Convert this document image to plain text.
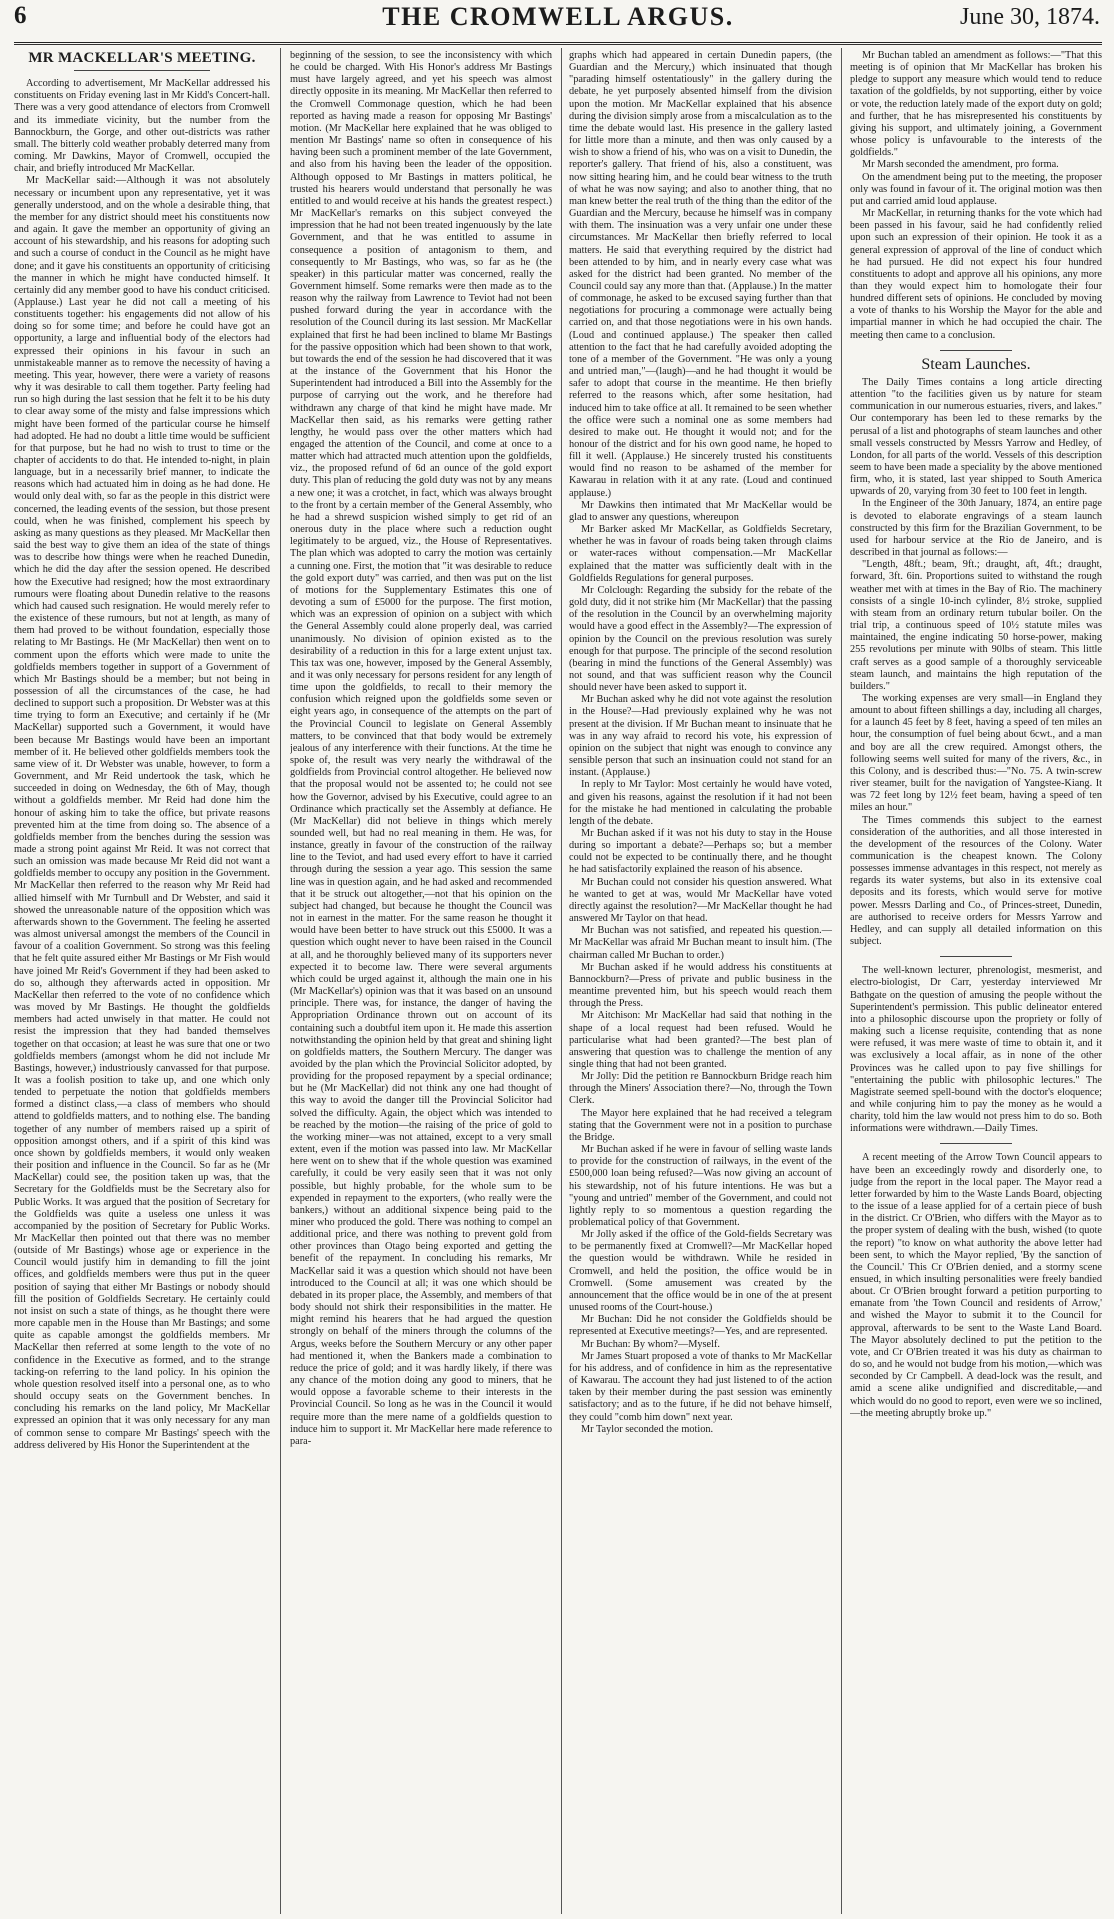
6	THE CROMWELL ARGUS.	June 30, 1874.
MR MACKELLAR'S MEETING.

According to advertisement, Mr MacKellar addressed his constituents on Friday evening last in Mr Kidd's Concert-hall. There was a very good attendance of electors from Cromwell and its immediate vicinity, but the number from the Bannockburn, the Gorge, and other out-districts was rather small. The bitterly cold weather probably deterred many from coming. Mr Dawkins, Mayor of Cromwell, occupied the chair, and briefly introduced Mr MacKellar.

Mr MacKellar said:—Although it was not absolutely necessary or incumbent upon any representative, yet it was generally understood, and on the whole a desirable thing, that the member for any district should meet his constituents now and again. It gave the member an opportunity of giving an account of his stewardship, and his reasons for adopting such and such a course of conduct in the Council as he might have done; and it gave his constituents an opportunity of criticising the manner in which he might have conducted himself. It certainly did any member good to have his conduct criticised. (Applause.) Last year he did not call a meeting of his constituents together: his engagements did not allow of his doing so for some time; and before he could have got an opportunity, a large and influential body of the electors had expressed their opinions in his favour in such an unmistakeable manner as to remove the necessity of having a meeting. This year, however, there were a variety of reasons why it was desirable to call them together. Party feeling had run so high during the last session that he felt it to be his duty to clear away some of the misty and false impressions which might have been formed of the particular course he himself had adopted. He had no doubt a little time would be sufficient for that purpose, but he had no wish to trust to time or the chapter of accidents to do that. He intended to-night, in plain language, but in a necessarily brief manner, to indicate the reasons which had actuated him in doing as he had done. He would only deal with, so far as the people in this district were concerned, the leading events of the session, but those present could, when he was finished, complement his speech by asking as many questions as they pleased. Mr MacKellar then said the best way to give them an idea of the state of things was to describe how things were when he reached Dunedin, which he did the day after the session opened. He described how the Executive had resigned; how the most extraordinary rumours were floating about Dunedin relative to the reasons which had caused such resignation. He would merely refer to the existence of these rumours, but not at length, as many of them had proved to be without foundation, especially those relating to Mr Bastings. He (Mr MacKellar) then went on to comment upon the efforts which were made to unite the goldfields members together in support of a Government of which Mr Bastings should be a member; but not being in possession of all the circumstances of the case, he had declined to support such a proposition. Dr Webster was at this time trying to form an Executive; and certainly if he (Mr MacKellar) supported such a Government, it would have been because Mr Bastings would have been an important member of it. He believed other goldfields members took the same view of it. Dr Webster was unable, however, to form a Government, and Mr Reid undertook the task, which he succeeded in doing on Wednesday, the 6th of May, though without a goldfields member. Mr Reid had done him the honour of asking him to take the office, but private reasons prevented him at the time from doing so. The absence of a goldfields member from the benches during the session was made a strong point against Mr Reid. It was not correct that such an omission was made because Mr Reid did not want a goldfields member to occupy any position in the Government. Mr MacKellar then referred to the reason why Mr Reid had allied himself with Mr Turnbull and Dr Webster, and said it showed the unreasonable nature of the opposition which was afterwards shown to the Government. The feeling he asserted was almost universal amongst the members of the Council in favour of a coalition Government. So strong was this feeling that he felt quite assured either Mr Bastings or Mr Fish would have joined Mr Reid's Government if they had been asked to do so, although they afterwards acted in opposition. Mr MacKellar then referred to the vote of no confidence which was moved by Mr Bastings. He thought the goldfields members had acted unwisely in that matter. He could not resist the impression that they had banded themselves together on that occasion; at least he was sure that one or two goldfields members (amongst whom he did not include Mr Bastings, however,) industriously canvassed for that purpose. It was a foolish position to take up, and one which only tended to perpetuate the notion that goldfields members formed a distinct class,—a class of members who should attend to goldfields matters, and to nothing else. The banding together of any number of members raised up a spirit of opposition amongst others, and if a spirit of this kind was once shown by goldfields members, it would only weaken their position and influence in the Council. So far as he (Mr MacKellar) could see, the position taken up was, that the Secretary for the Goldfields must be the Secretary also for Public Works. It was argued that the position of Secretary for the Goldfields was quite a useless one unless it was accompanied by the position of Secretary for Public Works. Mr MacKellar then pointed out that there was no member (outside of Mr Bastings) whose age or experience in the Council would justify him in demanding to fill the joint offices, and goldfields members were thus put in the queer position of saying that either Mr Bastings or nobody should fill the position of Goldfields Secretary. He certainly could not insist on such a state of things, as he thought there were more capable men in the House than Mr Bastings; and some quite as capable amongst the goldfields members. Mr MacKellar then referred at some length to the vote of no confidence in the Executive as formed, and to the strange tacking-on referring to the land policy. In his opinion the whole question resolved itself into a personal one, as to who should occupy seats on the Government benches. In concluding his remarks on the land policy, Mr MacKellar expressed an opinion that it was only necessary for any man of common sense to compare Mr Bastings' speech with the address delivered by His Honor the Superintendent at the

beginning of the session, to see the inconsistency with which he could be charged. With His Honor's address Mr Bastings must have largely agreed, and yet his speech was almost directly opposite in its meaning. Mr MacKellar then referred to the Cromwell Commonage question, which he had been reported as having made a reason for opposing Mr Bastings' motion. (Mr MacKellar here explained that he was obliged to mention Mr Bastings' name so often in consequence of his having been such a prominent member of the late Government, and also from his having been the leader of the opposition. Although opposed to Mr Bastings in matters political, he trusted his hearers would understand that personally he was entitled to and would receive at his hands the greatest respect.) Mr MacKellar's remarks on this subject conveyed the impression that he had not been treated ingenuously by the late Government, and that he was entitled to assume in consequence a position of antagonism to them, and consequently to Mr Bastings, who was, so far as he (the speaker) in this particular matter was concerned, really the Government himself. Some remarks were then made as to the reason why the railway from Lawrence to Teviot had not been pushed forward during the year in accordance with the resolution of the Council during its last session. Mr MacKellar explained that first he had been inclined to blame Mr Bastings for the passive opposition which had been shown to that work, but towards the end of the session he had discovered that it was at the instance of the Government that his Honor the Superintendent had introduced a Bill into the Assembly for the purpose of carrying out the work, and he therefore had withdrawn any charge of that kind he might have made. Mr MacKellar then said, as his remarks were getting rather lengthy, he would pass over the other matters which had engaged the attention of the Council, and come at once to a matter which had attracted much attention upon the goldfields, viz., the proposed refund of 6d an ounce of the gold export duty. This plan of reducing the gold duty was not by any means a new one; it was a crotchet, in fact, which was always brought to the front by a certain member of the General Assembly, who he had a shrewd suspicion wished simply to get rid of an onerous duty in the place where such a reduction ought legitimately to be argued, viz., the House of Representatives. The plan which was adopted to carry the motion was certainly a cunning one. First, the motion that "it was desirable to reduce the gold export duty" was carried, and then was put on the list of motions for the Supplementary Estimates this one of devoting a sum of £5000 for the purpose. The first motion, which was an expression of opinion on a subject with which the General Assembly could alone properly deal, was carried unanimously. No division of opinion existed as to the desirability of a reduction in this for a large extent unjust tax. This tax was one, however, imposed by the General Assembly, and it was only necessary for persons resident for any length of time upon the goldfields, to recall to their memory the confusion which reigned upon the goldfields some seven or eight years ago, in consequence of the attempts on the part of the Provincial Council to legislate on General Assembly matters, to be convinced that that body would be extremely jealous of any interference with their functions. At the time he spoke of, the result was very nearly the withdrawal of the goldfields from Provincial control altogether. He believed now that the proposal would not be assented to; he could not see how the Governor, advised by his Executive, could agree to an Ordinance which practically set the Assembly at defiance. He (Mr MacKellar) did not believe in things which merely sounded well, but had no real meaning in them. He was, for instance, greatly in favour of the construction of the railway line to the Teviot, and had used every effort to have it carried through during the session a year ago. This session the same line was in question again, and he had asked and recommended that it be struck out altogether,—not that his opinion on the subject had changed, but because he thought the Council was not in earnest in the matter. For the same reason he thought it would have been better to have struck out this £5000. It was a question which ought never to have been raised in the Council at all, and he thoroughly believed many of its supporters never expected it to become law. There were several arguments which could be urged against it, although the main one in his (Mr MacKellar's) opinion was that it was based on an unsound principle. There was, for instance, the danger of having the Appropriation Ordinance thrown out on account of its containing such a doubtful item upon it. He made this assertion notwithstanding the opinion held by that great and shining light on goldfields matters, the Southern Mercury. The danger was avoided by the plan which the Provincial Solicitor adopted, by providing for the proposed repayment by a special ordinance; but he (Mr MacKellar) did not think any one had thought of this way to avoid the danger till the Provincial Solicitor had solved the difficulty. Again, the object which was intended to be reached by the motion—the raising of the price of gold to the working miner—was not attained, except to a very small extent, even if the motion was passed into law. Mr MacKellar here went on to shew that if the whole question was examined carefully, it could be very easily seen that it was not only possible, but highly probable, for the whole sum to be expended in repayment to the exporters, (who really were the bankers,) without an additional sixpence being paid to the miner who produced the gold. There was nothing to compel an additional price, and there was nothing to prevent gold from other provinces than Otago being exported and getting the benefit of the repayment. In concluding his remarks, Mr MacKellar said it was a question which should not have been introduced to the Council at all; it was one which should be debated in its proper place, the Assembly, and members of that body should not shirk their responsibilities in the matter. He might remind his hearers that he had argued the question strongly on behalf of the miners through the columns of the Argus, weeks before the Southern Mercury or any other paper had mentioned it, when the Bankers made a combination to reduce the price of gold; and it was hardly likely, if there was any chance of the motion doing any good to miners, that he would oppose a favorable scheme to their interests in the Provincial Council. So long as he was in the Council it would require more than the mere name of a goldfields question to induce him to support it. Mr MacKellar here made reference to para-

graphs which had appeared in certain Dunedin papers, (the Guardian and the Mercury,) which insinuated that though "parading himself ostentatiously" in the gallery during the debate, he yet purposely absented himself from the division upon the motion. Mr MacKellar explained that his absence during the division simply arose from a miscalculation as to the time the debate would last. His presence in the gallery lasted for little more than a minute, and then was only caused by a wish to show a friend of his, who was on a visit to Dunedin, the reporter's gallery. That friend of his, also a constituent, was now sitting hearing him, and he could bear witness to the truth of what he was now saying; and also to another thing, that no man knew better the real truth of the thing than the editor of the Guardian and the Mercury, because he himself was in company with them. The insinuation was a very unfair one under these circumstances. Mr MacKellar then briefly referred to local matters. He said that everything required by the district had been attended to by him, and in nearly every case what was asked for the district had been granted. No member of the Council could say any more than that. (Applause.) In the matter of commonage, he asked to be excused saying further than that negotiations for procuring a commonage were actually being carried on, and that those negotiations were in his own hands. (Loud and continued applause.) The speaker then called attention to the fact that he had carefully avoided adopting the tone of a member of the Government. "He was only a young and untried man,"—(laugh)—and he had thought it would be safer to adopt that course in the meantime. He then briefly referred to the reasons which, after some hesitation, had induced him to take office at all. It remained to be seen whether the office were such a nominal one as some members had desired to make out. He thought it would not; and for the honour of the district and for his own good name, he hoped to fill it well. (Applause.) He sincerely trusted his constituents would find no reason to be ashamed of the member for Kawarau in relation with it at any rate. (Loud and continued applause.)

Mr Dawkins then intimated that Mr MacKellar would be glad to answer any questions, whereupon

Mr Barker asked Mr MacKellar, as Goldfields Secretary, whether he was in favour of roads being taken through claims or water-races without compensation.—Mr MacKellar explained that the matter was sufficiently dealt with in the Goldfields Regulations for general purposes.

Mr Colclough: Regarding the subsidy for the rebate of the gold duty, did it not strike him (Mr MacKellar) that the passing of the resolution in the Council by an overwhelming majority would have a good effect in the Assembly?—The expression of opinion by the Council on the previous resolution was surely enough for that purpose. The principle of the second resolution (bearing in mind the functions of the General Assembly) was not sound, and that was sufficient reason why the Council should never have been asked to support it.

Mr Buchan asked why he did not vote against the resolution in the House?—Had previously explained why he was not present at the division. If Mr Buchan meant to insinuate that he was in any way afraid to record his vote, his expression of opinion on the subject that night was enough to convince any sensible person that such an insinuation could not stand for an instant. (Applause.)

In reply to Mr Taylor: Most certainly he would have voted, and given his reasons, against the resolution if it had not been for the mistake he had mentioned in calculating the probable length of the debate.

Mr Buchan asked if it was not his duty to stay in the House during so important a debate?—Perhaps so; but a member could not be expected to be continually there, and he thought he had satisfactorily explained the reason of his absence.

Mr Buchan could not consider his question answered. What he wanted to get at was, would Mr MacKellar have voted directly against the resolution?—Mr MacKellar thought he had answered Mr Taylor on that head.

Mr Buchan was not satisfied, and repeated his question.—Mr MacKellar was afraid Mr Buchan meant to insult him. (The chairman called Mr Buchan to order.)

Mr Buchan asked if he would address his constituents at Bannockburn?—Press of private and public business in the meantime prevented him, but his speech would reach them through the Press.

Mr Aitchison: Mr MacKellar had said that nothing in the shape of a local request had been refused. Would he particularise what had been granted?—The best plan of answering that question was to challenge the mention of any single thing that had not been granted.

Mr Jolly: Did the petition re Bannockburn Bridge reach him through the Miners' Association there?—No, through the Town Clerk.

The Mayor here explained that he had received a telegram stating that the Government were not in a position to purchase the Bridge.

Mr Buchan asked if he were in favour of selling waste lands to provide for the construction of railways, in the event of the £500,000 loan being refused?—Was now giving an account of his stewardship, not of his future intentions. He was but a "young and untried" member of the Government, and could not lightly reply to so momentous a question regarding the problematical policy of that Government.

Mr Jolly asked if the office of the Gold-fields Secretary was to be permanently fixed at Cromwell?—Mr MacKellar hoped the question would be withdrawn. While he resided in Cromwell, and held the position, the office would be in Cromwell. (Some amusement was created by the announcement that the office would be in one of the at present unused rooms of the Court-house.)

Mr Buchan: Did he not consider the Goldfields should be represented at Executive meetings?—Yes, and are represented.

Mr Buchan: By whom?—Myself.

Mr James Stuart proposed a vote of thanks to Mr MacKellar for his address, and of confidence in him as the representative of Kawarau. The account they had just listened to of the action taken by their member during the past session was eminently satisfactory; and as to the future, if he did not behave himself, they could "comb him down" next year.

Mr Taylor seconded the motion.

Mr Buchan tabled an amendment as follows:—"That this meeting is of opinion that Mr MacKellar has broken his pledge to support any measure which would tend to reduce taxation of the goldfields, by not supporting, either by voice or vote, the reduction lately made of the export duty on gold; and further, that he has misrepresented his constituents by giving his support, and ultimately joining, a Government whose policy is unfavourable to the interests of the goldfields."

Mr Marsh seconded the amendment, pro forma.

On the amendment being put to the meeting, the proposer only was found in favour of it. The original motion was then put and carried amid loud applause.

Mr MacKellar, in returning thanks for the vote which had been passed in his favour, said he had confidently relied upon such an expression of their opinion. He took it as a general expression of approval of the line of conduct which he had pursued. He did not expect his four hundred constituents to adopt and approve all his opinions, any more than they would expect him to homologate their four hundred different sets of opinions. He concluded by moving a vote of thanks to his Worship the Mayor for the able and impartial manner in which he had occupied the chair. The meeting then came to a conclusion.

Steam Launches.

The Daily Times contains a long article directing attention "to the facilities given us by nature for steam communication in our numerous estuaries, rivers, and lakes." Our contemporary has been led to these remarks by the perusal of a list and photographs of steam launches and other small vessels constructed by Messrs Yarrow and Hedley, of London, for all parts of the world. Vessels of this description seem to have been made a speciality by the above mentioned firm, who, it is stated, last year shipped to South America upwards of 20, varying from 30 feet to 100 feet in length.

In the Engineer of the 30th January, 1874, an entire page is devoted to elaborate engravings of a steam launch constructed by this firm for the Brazilian Government, to be used for harbour service at the Rio de Janeiro, and is described in that journal as follows:—

"Length, 48ft.; beam, 9ft.; draught, aft, 4ft.; draught, forward, 3ft. 6in. Proportions suited to withstand the rough weather met with at times in the Bay of Rio. The machinery consists of a single 10-inch cylinder, 8½ stroke, supplied with steam from an ordinary return tubular boiler. On the trial trip, a continuous speed of 10½ statute miles was maintained, the engine indicating 50 horse-power, making 255 revolutions per minute with 90lbs of steam. This little craft serves as a good sample of a thoroughly serviceable steam launch, and maintains the high reputation of the builders."

The working expenses are very small—in England they amount to about fifteen shillings a day, including all charges, for a launch 45 feet by 8 feet, having a speed of ten miles an hour, the consumption of fuel being about 6cwt., and a man and boy are all the crew required. Amongst others, the following seems well suited for many of the rivers, &c., in this Colony, and is described thus:—"No. 75. A twin-screw river steamer, built for the navigation of Yangstee-Kiang. It was 72 feet long by 12½ feet beam, having a speed of ten miles an hour."

The Times commends this subject to the earnest consideration of the authorities, and all those interested in the development of the resources of the Colony. Water communication is the cheapest known. The Colony possesses immense advantages in this respect, not merely as regards its water systems, but also in its extensive coal deposits and its forests, which would serve for motive power. Messrs Darling and Co., of Princes-street, Dunedin, are authorised to receive orders for Messrs Yarrow and Hedley, and can supply all detailed information on this subject.

The well-known lecturer, phrenologist, mesmerist, and electro-biologist, Dr Carr, yesterday interviewed Mr Bathgate on the question of amusing the people without the Superintendent's permission. This public delineator entered into a philosophic discourse upon the propriety or folly of making such a license requisite, contending that as none were refused, it was mere waste of time to obtain it, and it was exclusively a local affair, as in none of the other Provinces was he called upon to pay five shillings for "entertaining the public with philosophic lectures." The Magistrate seemed spell-bound with the doctor's eloquence; and while conjuring him to pay the money as he would a charity, told him the law would not press him to do so. Both informations were withdrawn.—Daily Times.

A recent meeting of the Arrow Town Council appears to have been an exceedingly rowdy and disorderly one, to judge from the report in the local paper. The Mayor read a letter forwarded by him to the Waste Lands Board, objecting to the issue of a lease applied for of a certain piece of bush in the district. Cr O'Brien, who differs with the Mayor as to the proper system of dealing with the bush, wished (to quote the report) "to know on what authority the above letter had been sent, to which the Mayor replied, 'By the sanction of the Council.' This Cr O'Brien denied, and a stormy scene ensued, in which insulting personalities were freely bandied about. Cr O'Brien brought forward a petition purporting to emanate from 'the Town Council and residents of Arrow,' and wished the Mayor to submit it to the Council for approval, afterwards to be sent to the Waste Land Board. The Mayor absolutely declined to put the petition to the vote, and Cr O'Brien treated it was his duty as chairman to do so, and he would not budge from his motion,—which was seconded by Cr Campbell. A dead-lock was the result, and amid a scene alike undignified and discreditable,—and which would do no good to report, even were we so inclined,—the meeting abruptly broke up."
